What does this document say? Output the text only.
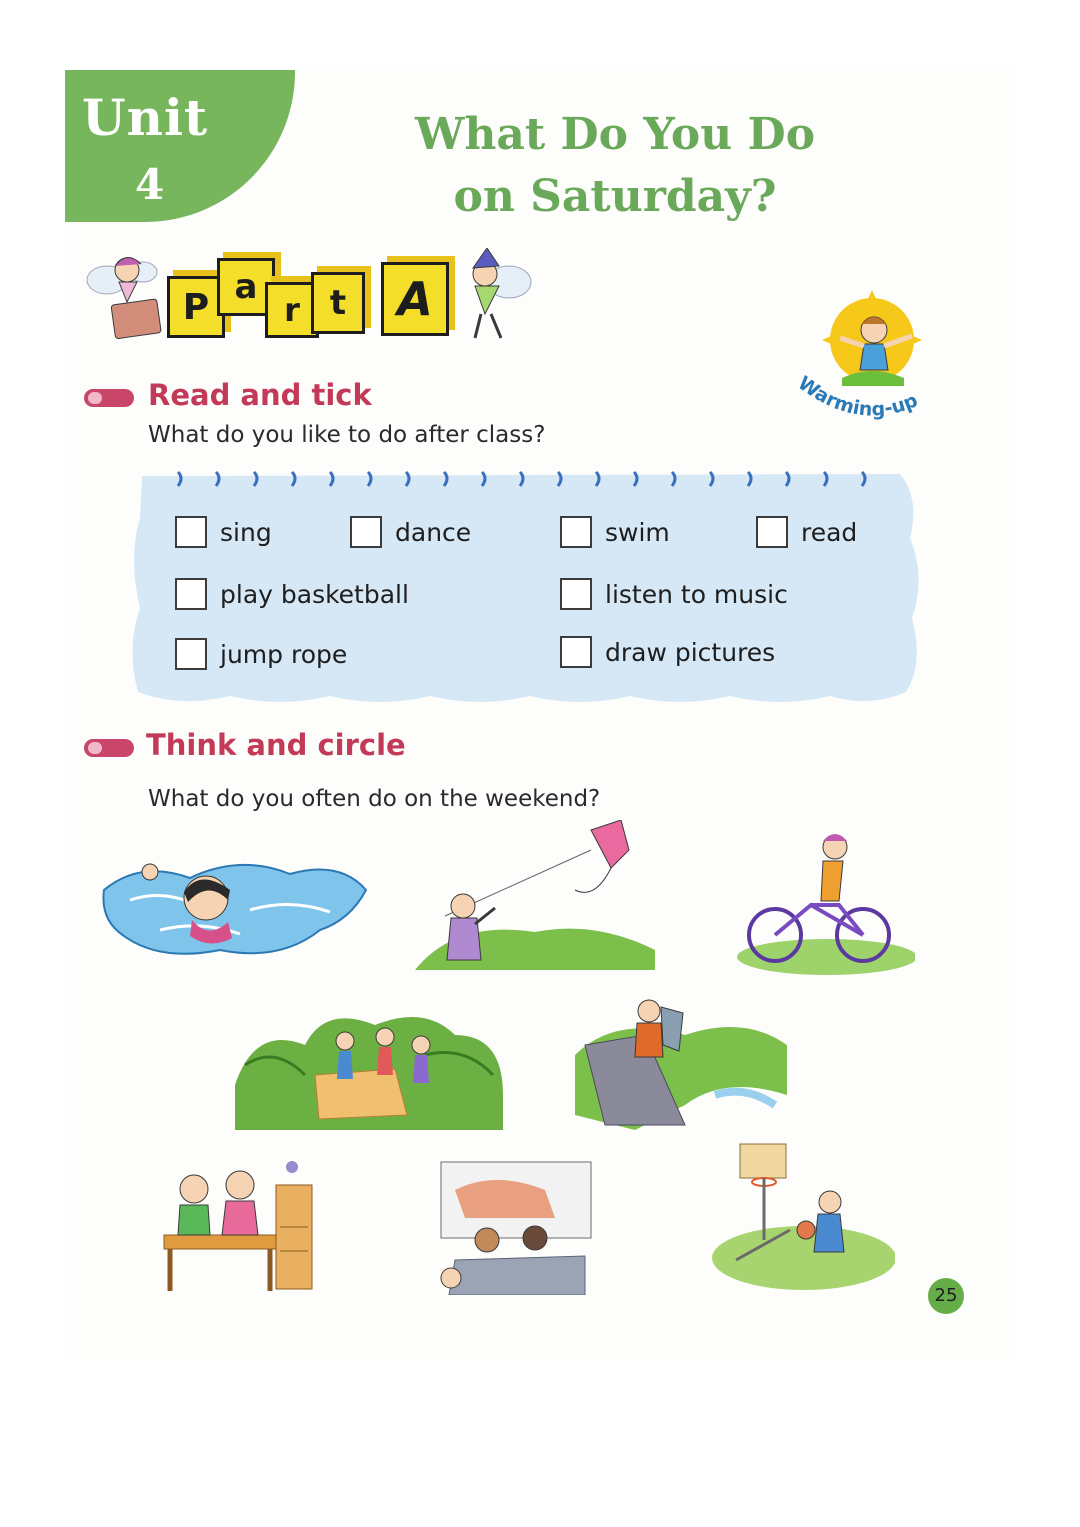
Unit
4
What Do You Do
on Saturday?
P a
r t	A
Warming-up
Read and tick
What do you like to do after class?
sing	dance	swim	read
play basketball	listen to music
jump rope	draw pictures
Think and circle
What do you often do on the weekend?
25
